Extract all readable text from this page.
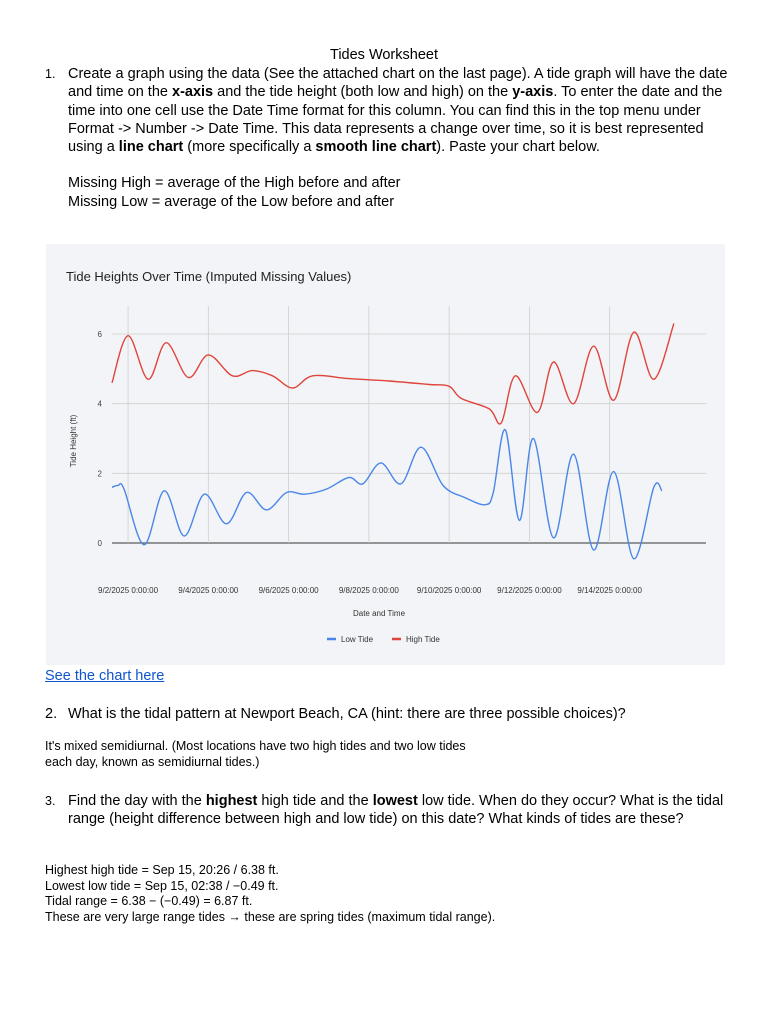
Tides Worksheet
1. Create a graph using the data (See the attached chart on the last page). A tide graph will have the date and time on the x-axis and the tide height (both low and high) on the y-axis. To enter the date and the time into one cell use the Date Time format for this column. You can find this in the top menu under Format -> Number -> Date Time. This data represents a change over time, so it is best represented using a line chart (more specifically a smooth line chart). Paste your chart below.
Missing High = average of the High before and after
Missing Low = average of the Low before and after
Tide Heights Over Time (Imputed Missing Values)
0
2
4
6
9/2/2025 0:00:00	9/4/2025 0:00:00	9/6/2025 0:00:00	9/8/2025 0:00:00 9/10/2025 0:00:00 9/12/2025 0:00:00 9/14/2025 0:00:00
Tide Height (ft)
Date and Time
Low Tide	High Tide
See the chart here
2. What is the tidal pattern at Newport Beach, CA (hint: there are three possible choices)?
It's mixed semidiurnal. (Most locations have two high tides and two low tides
each day, known as semidiurnal tides.)
3. Find the day with the highest high tide and the lowest low tide. When do they occur? What is the tidal range (height difference between high and low tide) on this date? What kinds of tides are these?
Highest high tide = Sep 15, 20:26 / 6.38 ft.
Lowest low tide = Sep 15, 02:38 / −0.49 ft.
Tidal range = 6.38 − (−0.49) = 6.87 ft.
These are very large range tides → these are spring tides (maximum tidal range).
